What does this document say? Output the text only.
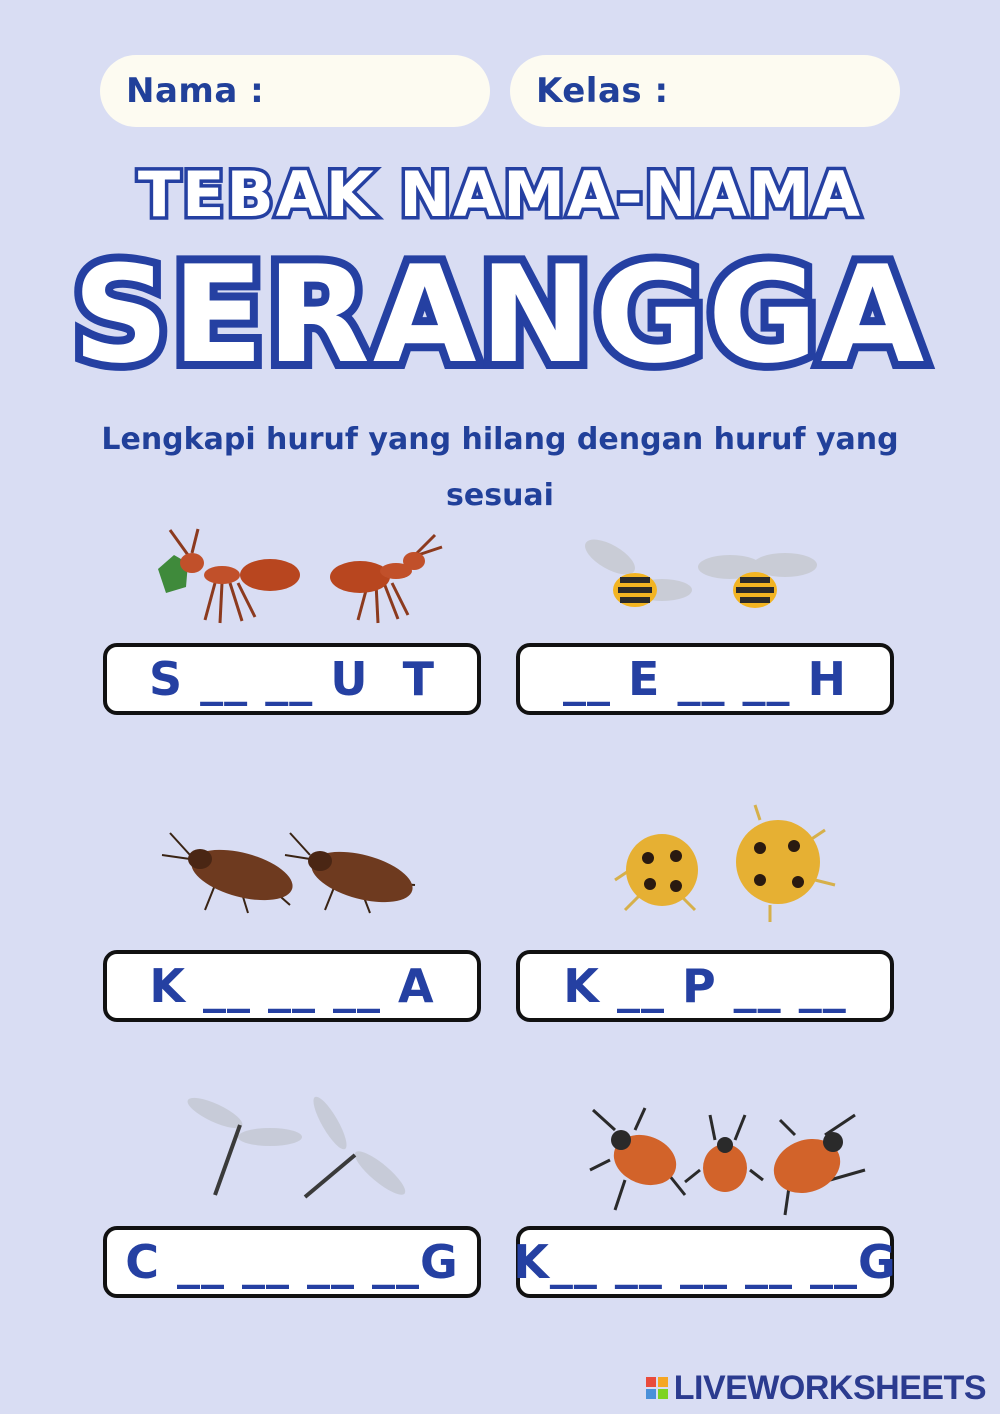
Nama :	Kelas :
TEBAK NAMA-NAMA
SERANGGA
Lengkapi huruf yang hilang dengan huruf yang sesuai
S __ __ U  T	__ E __ __ H
K __ __ __ A	K __ P __ __
C __ __ __ __G	K__ __ __ __ __G
LIVEWORKSHEETS
